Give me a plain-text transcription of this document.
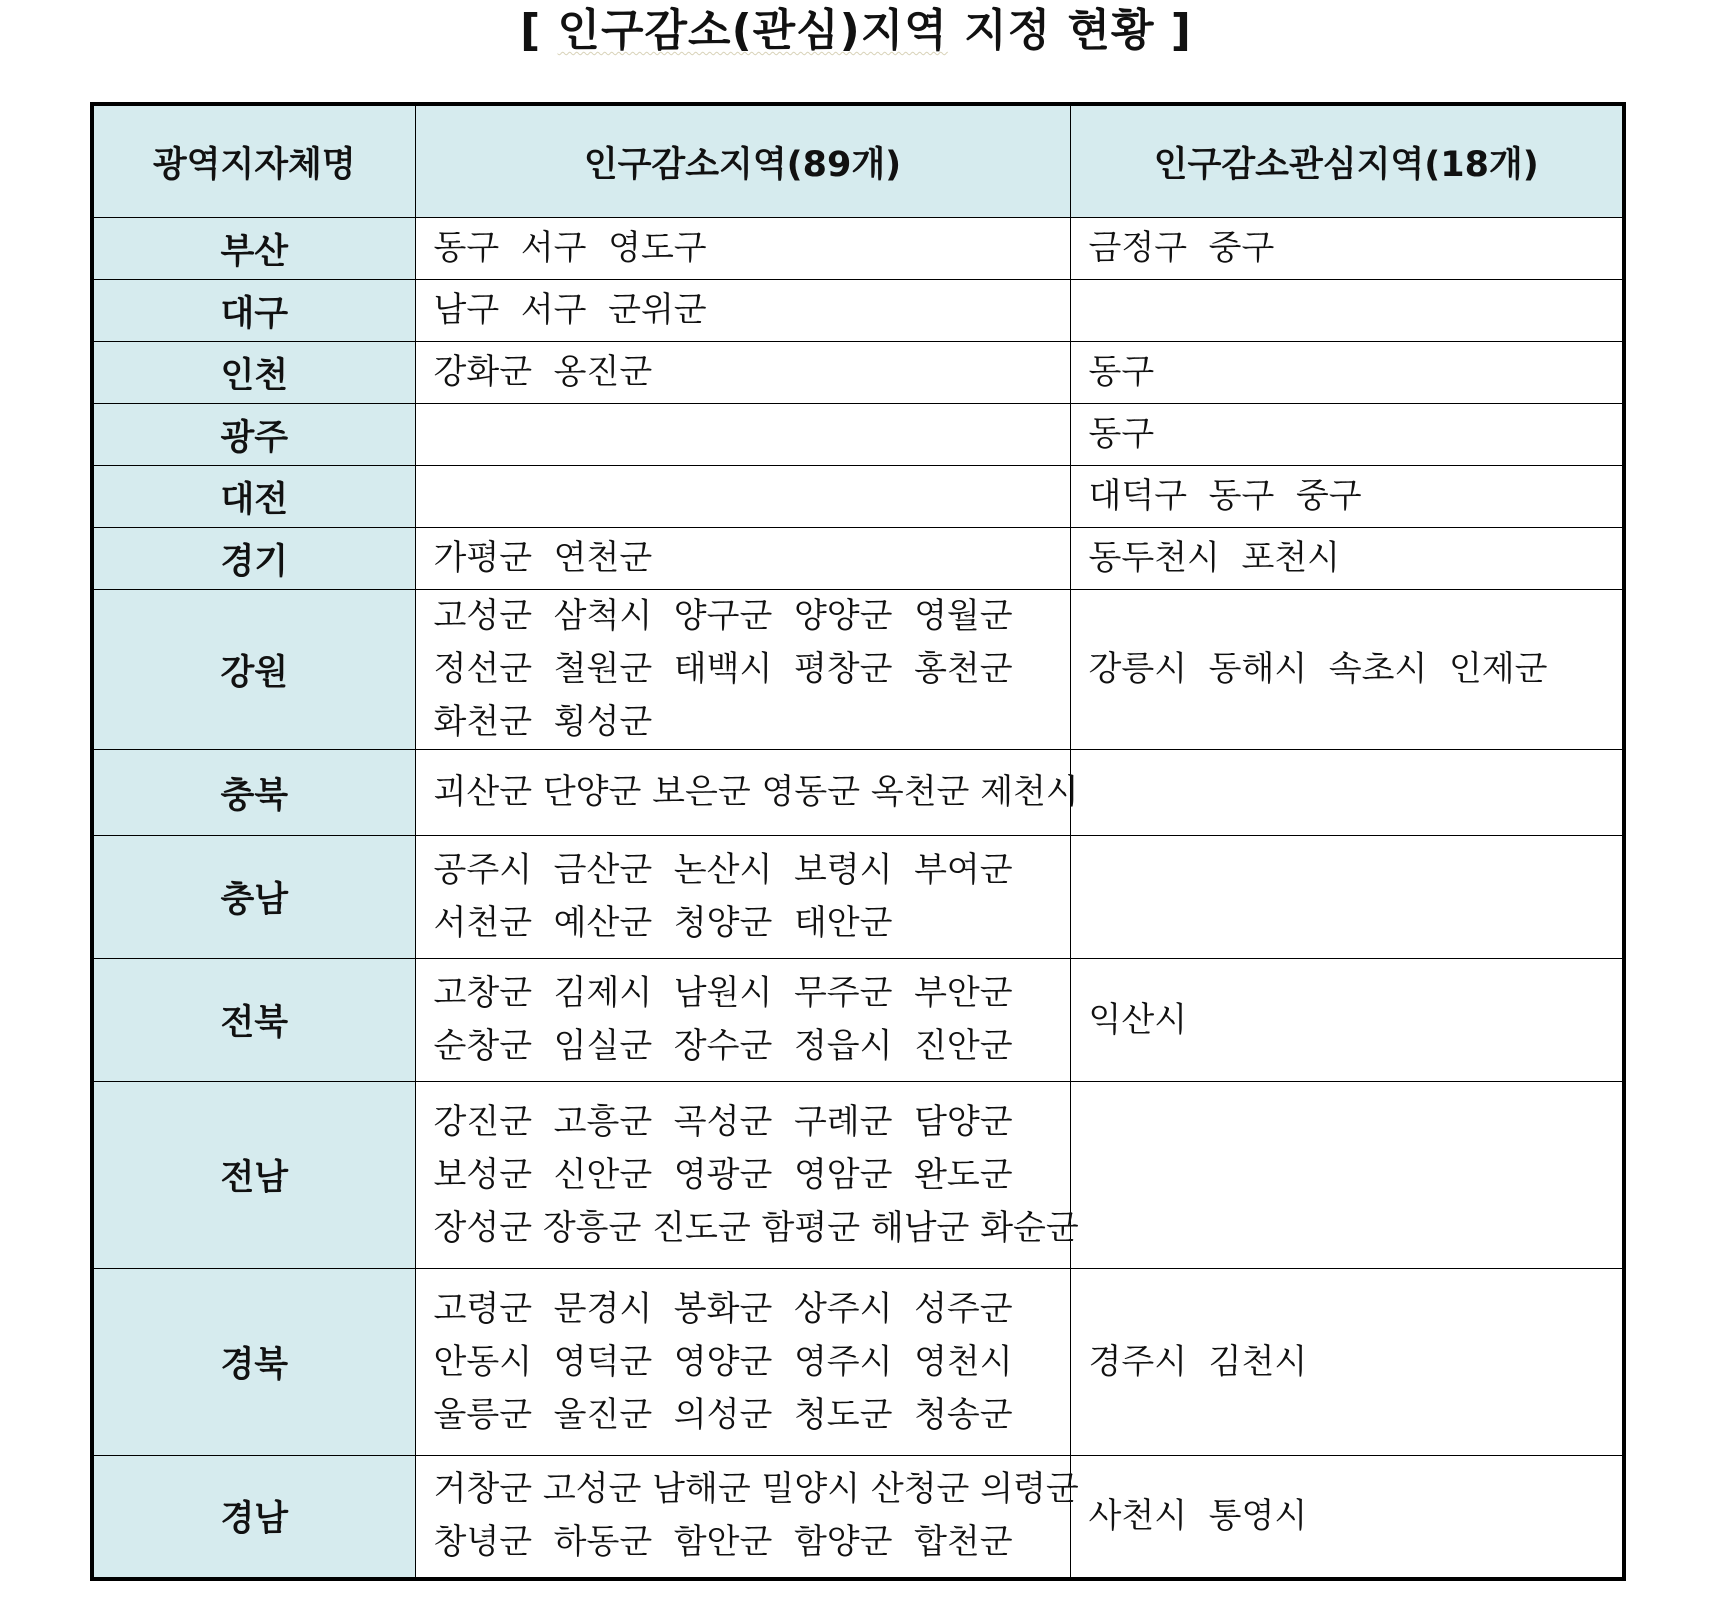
[ 인구감소(관심)지역 지정 현황 ]
광역지자체명	인구감소지역(89개)	인구감소관심지역(18개)
부산	동구  서구  영도구	금정구  중구

대구	남구  서구  군위군	

인천	강화군  옹진군	동구

광주		동구

대전		대덕구  동구  중구

경기	가평군  연천군	동두천시  포천시

강원	고성군  삼척시  양구군  양양군  영월군
정선군  철원군  태백시  평창군  홍천군
화천군  횡성군	강릉시  동해시  속초시  인제군

충북	괴산군 단양군 보은군 영동군 옥천군 제천시	

충남	공주시  금산군  논산시  보령시  부여군
서천군  예산군  청양군  태안군	

전북	고창군  김제시  남원시  무주군  부안군
순창군  임실군  장수군  정읍시  진안군	익산시

전남	강진군  고흥군  곡성군  구례군  담양군
보성군  신안군  영광군  영암군  완도군
장성군 장흥군 진도군 함평군 해남군 화순군	

경북	고령군  문경시  봉화군  상주시  성주군
안동시  영덕군  영양군  영주시  영천시
울릉군  울진군  의성군  청도군  청송군	경주시  김천시

경남	거창군 고성군 남해군 밀양시 산청군 의령군
창녕군  하동군  함안군  함양군  합천군	사천시  통영시
